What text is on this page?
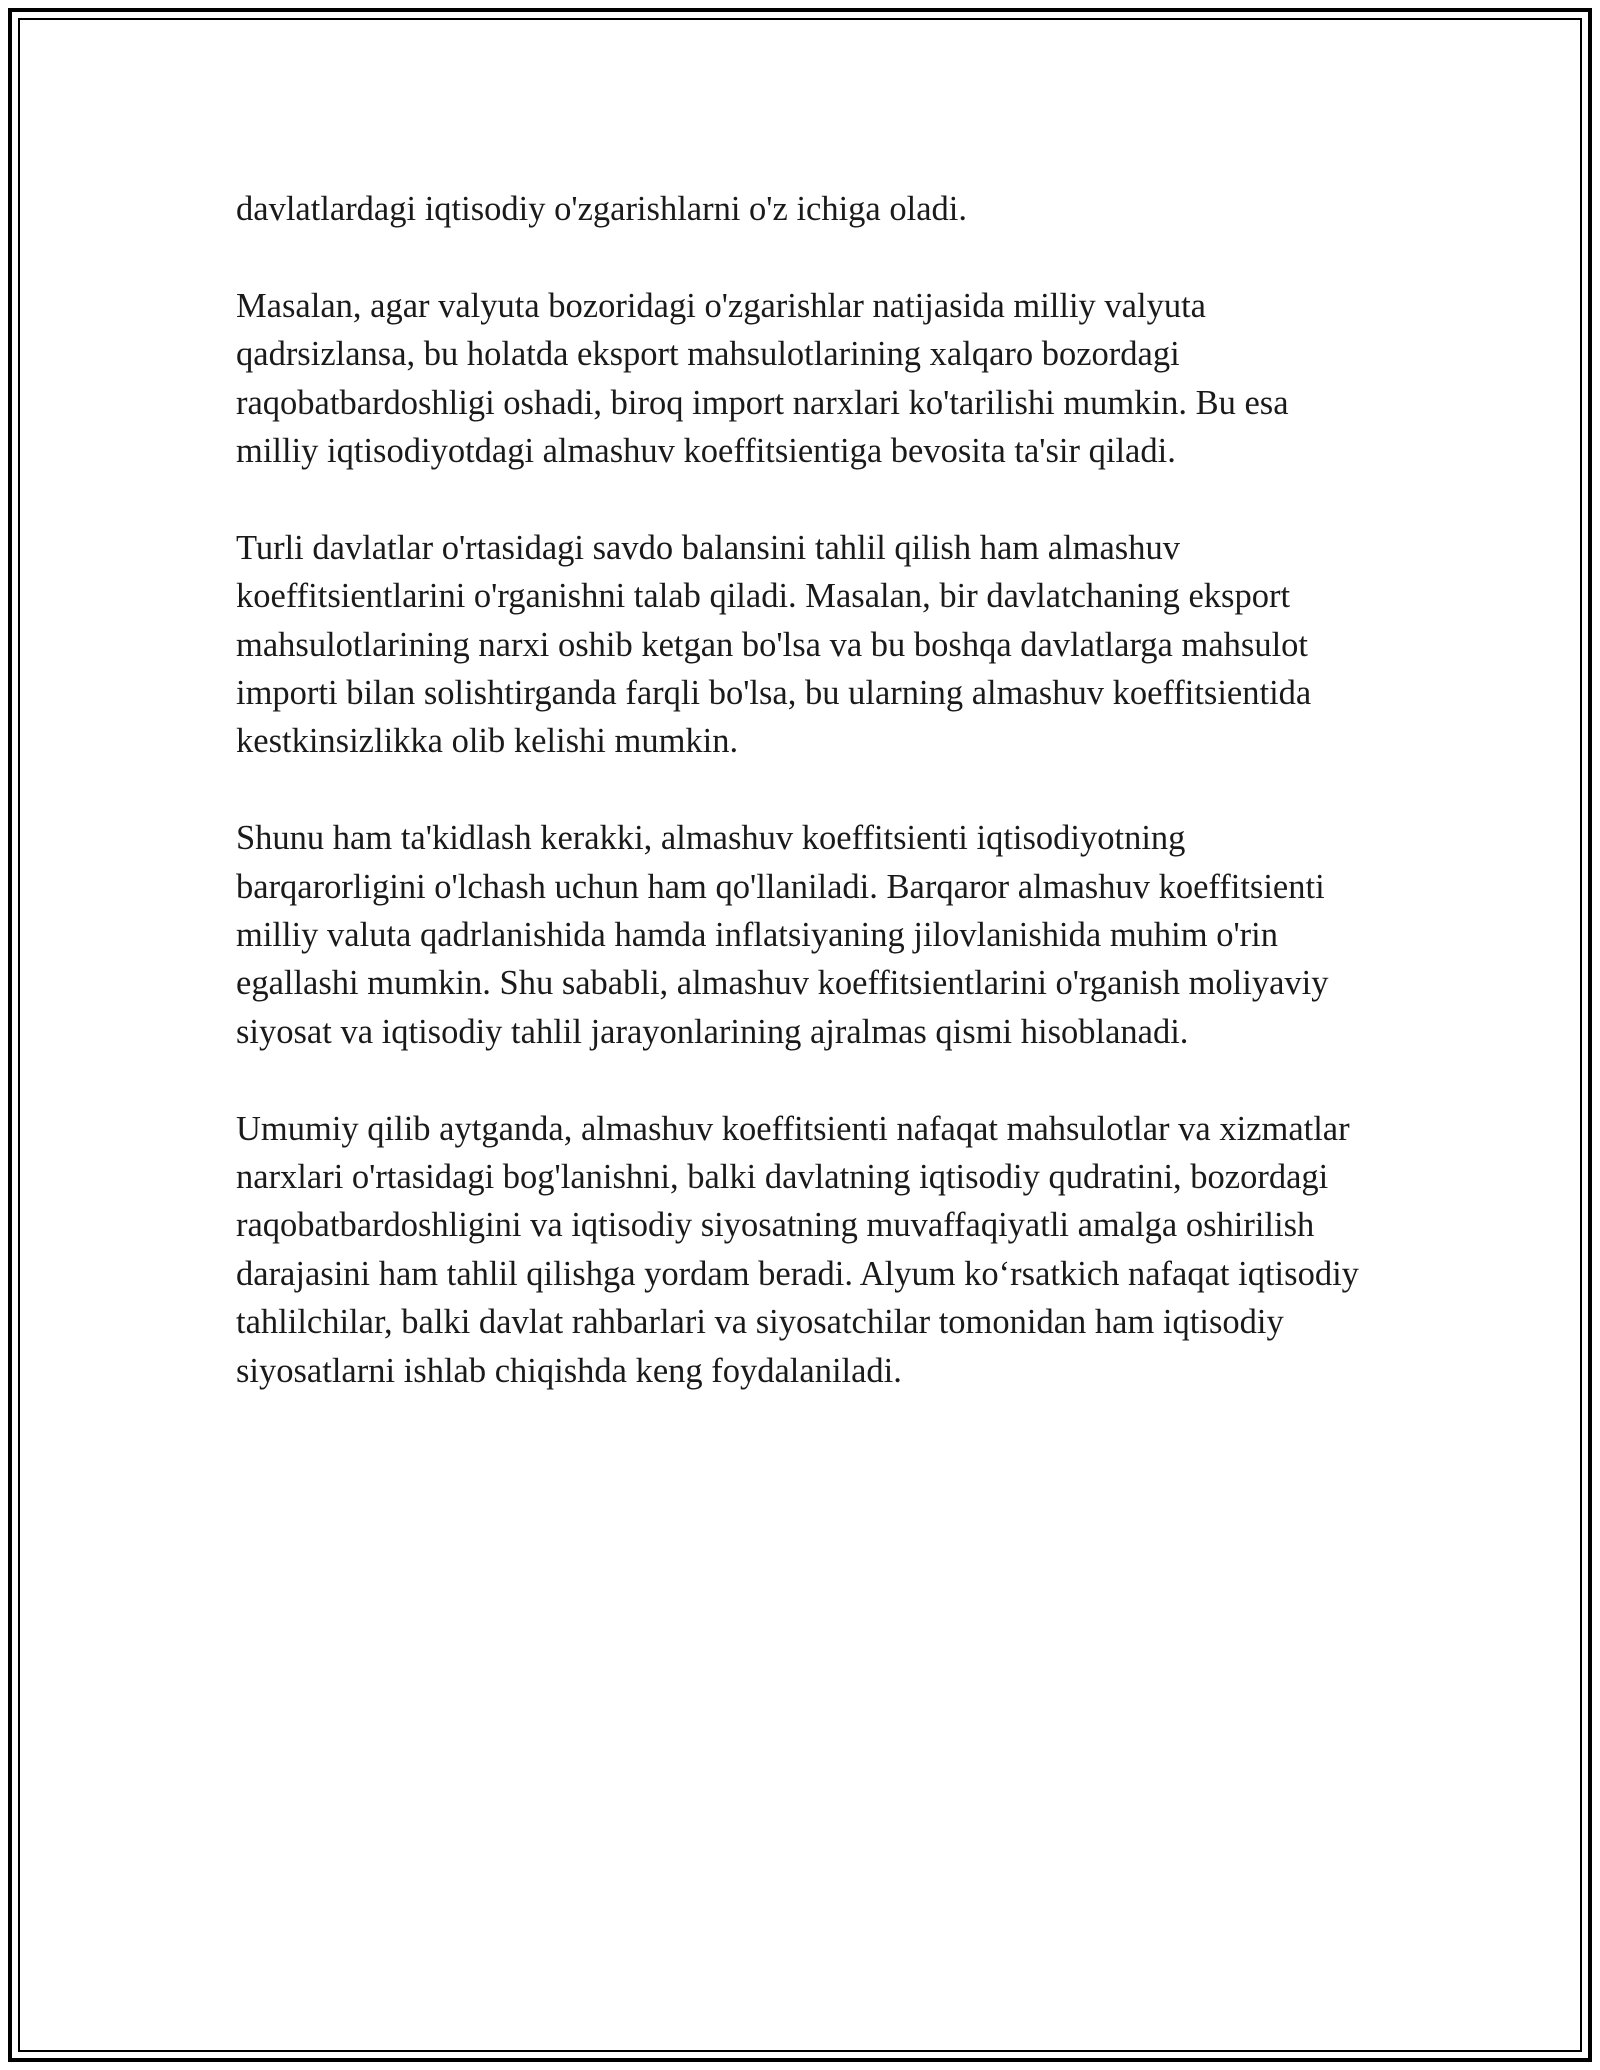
davlatlardagi iqtisodiy o'zgarishlarni o'z ichiga oladi.

Masalan, agar valyuta bozoridagi o'zgarishlar natijasida milliy valyuta qadrsizlansa, bu holatda eksport mahsulotlarining xalqaro bozordagi raqobatbardoshligi oshadi, biroq import narxlari ko'tarilishi mumkin. Bu esa milliy iqtisodiyotdagi almashuv koeffitsientiga bevosita ta'sir qiladi.

Turli davlatlar o'rtasidagi savdo balansini tahlil qilish ham almashuv koeffitsientlarini o'rganishni talab qiladi. Masalan, bir davlatchaning eksport mahsulotlarining narxi oshib ketgan bo'lsa va bu boshqa davlatlarga mahsulot importi bilan solishtirganda farqli bo'lsa, bu ularning almashuv koeffitsientida kestkinsizlikka olib kelishi mumkin.

Shunu ham ta'kidlash kerakki, almashuv koeffitsienti iqtisodiyotning barqarorligini o'lchash uchun ham qo'llaniladi. Barqaror almashuv koeffitsienti milliy valuta qadrlanishida hamda inflatsiyaning jilovlanishida muhim o'rin egallashi mumkin. Shu sababli, almashuv koeffitsientlarini o'rganish moliyaviy siyosat va iqtisodiy tahlil jarayonlarining ajralmas qismi hisoblanadi.

Umumiy qilib aytganda, almashuv koeffitsienti nafaqat mahsulotlar va xizmatlar narxlari o'rtasidagi bog'lanishni, balki davlatning iqtisodiy qudratini, bozordagi raqobatbardoshligini va iqtisodiy siyosatning muvaffaqiyatli amalga oshirilish darajasini ham tahlil qilishga yordam beradi. Alyum ko‘rsatkich nafaqat iqtisodiy tahlilchilar, balki davlat rahbarlari va siyosatchilar tomonidan ham iqtisodiy siyosatlarni ishlab chiqishda keng foydalaniladi.
